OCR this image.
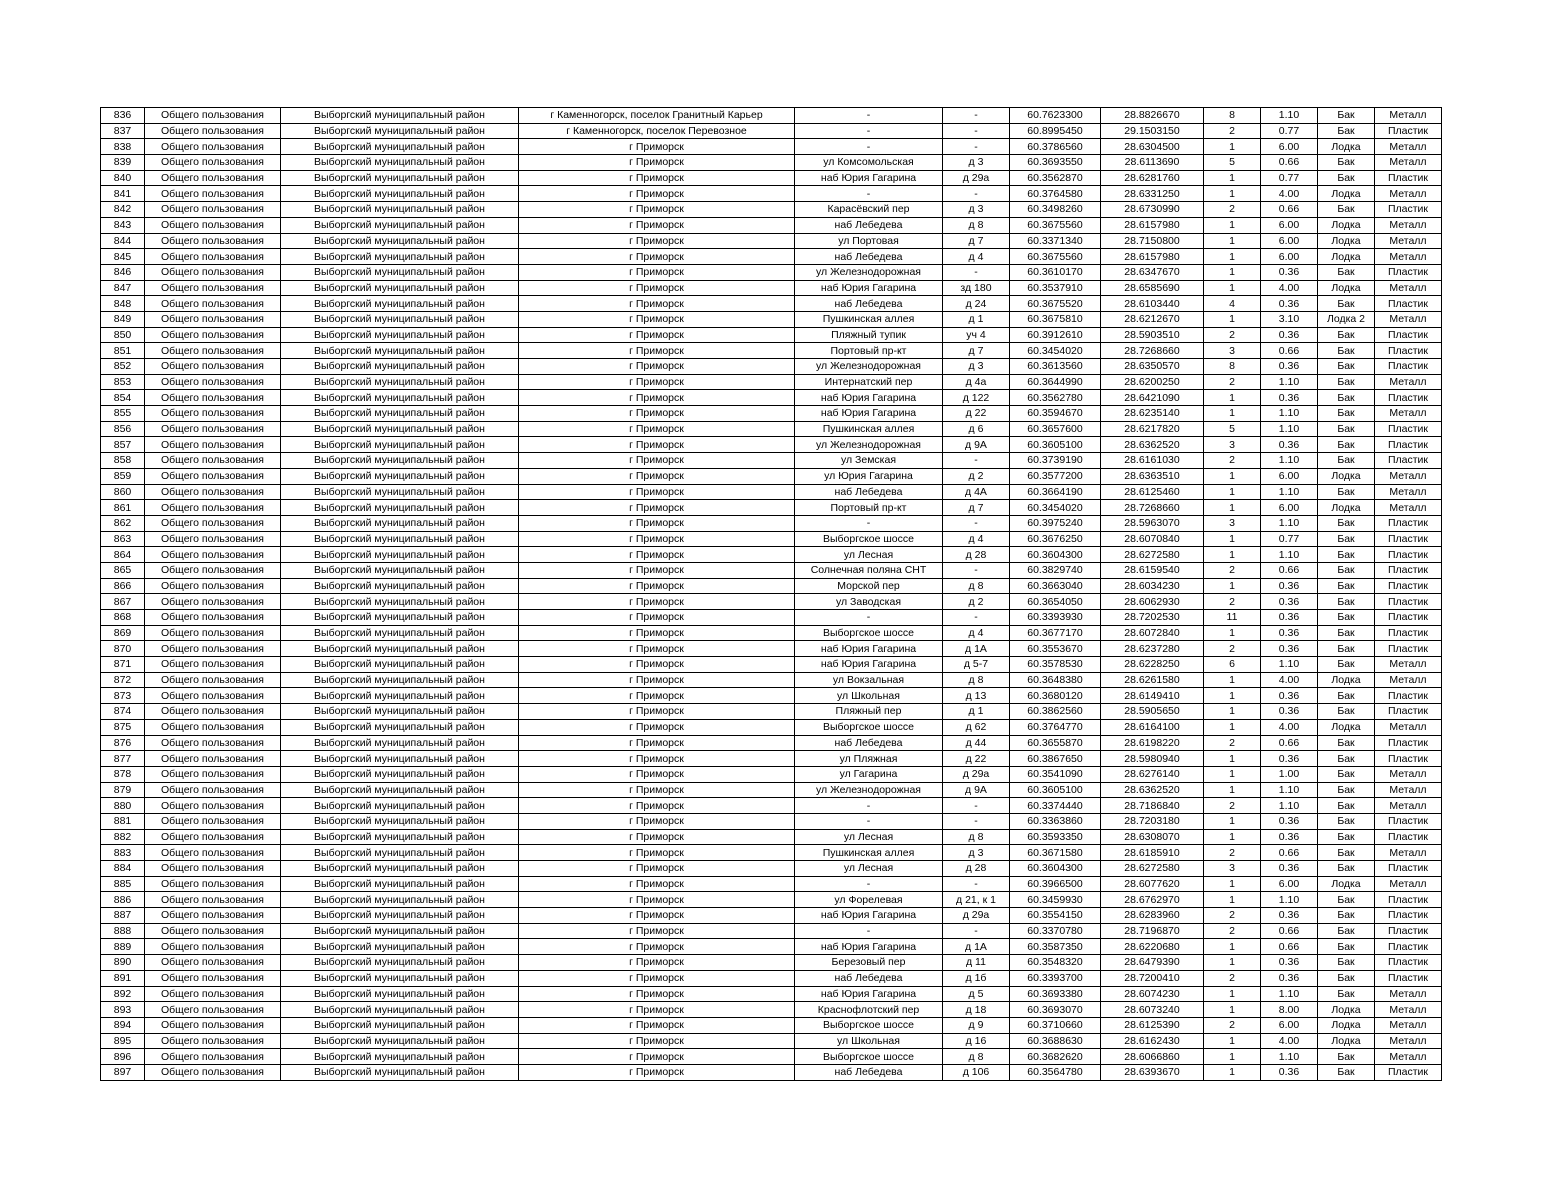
836	Общего пользования	Выборгский муниципальный район	г Каменногорск, поселок Гранитный Карьер	-	-	60.7623300	28.8826670	8	1.10	Бак	Металл
837	Общего пользования	Выборгский муниципальный район	г Каменногорск, поселок Перевозное	-	-	60.8995450	29.1503150	2	0.77	Бак	Пластик
838	Общего пользования	Выборгский муниципальный район	г Приморск	-	-	60.3786560	28.6304500	1	6.00	Лодка	Металл
839	Общего пользования	Выборгский муниципальный район	г Приморск	ул Комсомольская	д 3	60.3693550	28.6113690	5	0.66	Бак	Металл
840	Общего пользования	Выборгский муниципальный район	г Приморск	наб Юрия Гагарина	д 29а	60.3562870	28.6281760	1	0.77	Бак	Пластик
841	Общего пользования	Выборгский муниципальный район	г Приморск	-	-	60.3764580	28.6331250	1	4.00	Лодка	Металл
842	Общего пользования	Выборгский муниципальный район	г Приморск	Карасёвский пер	д 3	60.3498260	28.6730990	2	0.66	Бак	Пластик
843	Общего пользования	Выборгский муниципальный район	г Приморск	наб Лебедева	д 8	60.3675560	28.6157980	1	6.00	Лодка	Металл
844	Общего пользования	Выборгский муниципальный район	г Приморск	ул Портовая	д 7	60.3371340	28.7150800	1	6.00	Лодка	Металл
845	Общего пользования	Выборгский муниципальный район	г Приморск	наб Лебедева	д 4	60.3675560	28.6157980	1	6.00	Лодка	Металл
846	Общего пользования	Выборгский муниципальный район	г Приморск	ул Железнодорожная	-	60.3610170	28.6347670	1	0.36	Бак	Пластик
847	Общего пользования	Выборгский муниципальный район	г Приморск	наб Юрия Гагарина	зд 180	60.3537910	28.6585690	1	4.00	Лодка	Металл
848	Общего пользования	Выборгский муниципальный район	г Приморск	наб Лебедева	д 24	60.3675520	28.6103440	4	0.36	Бак	Пластик
849	Общего пользования	Выборгский муниципальный район	г Приморск	Пушкинская аллея	д 1	60.3675810	28.6212670	1	3.10	Лодка 2	Металл
850	Общего пользования	Выборгский муниципальный район	г Приморск	Пляжный тупик	уч 4	60.3912610	28.5903510	2	0.36	Бак	Пластик
851	Общего пользования	Выборгский муниципальный район	г Приморск	Портовый пр-кт	д 7	60.3454020	28.7268660	3	0.66	Бак	Пластик
852	Общего пользования	Выборгский муниципальный район	г Приморск	ул Железнодорожная	д 3	60.3613560	28.6350570	8	0.36	Бак	Пластик
853	Общего пользования	Выборгский муниципальный район	г Приморск	Интернатский пер	д 4а	60.3644990	28.6200250	2	1.10	Бак	Металл
854	Общего пользования	Выборгский муниципальный район	г Приморск	наб Юрия Гагарина	д 122	60.3562780	28.6421090	1	0.36	Бак	Пластик
855	Общего пользования	Выборгский муниципальный район	г Приморск	наб Юрия Гагарина	д 22	60.3594670	28.6235140	1	1.10	Бак	Металл
856	Общего пользования	Выборгский муниципальный район	г Приморск	Пушкинская аллея	д 6	60.3657600	28.6217820	5	1.10	Бак	Пластик
857	Общего пользования	Выборгский муниципальный район	г Приморск	ул Железнодорожная	д 9А	60.3605100	28.6362520	3	0.36	Бак	Пластик
858	Общего пользования	Выборгский муниципальный район	г Приморск	ул Земская	-	60.3739190	28.6161030	2	1.10	Бак	Пластик
859	Общего пользования	Выборгский муниципальный район	г Приморск	ул Юрия Гагарина	д 2	60.3577200	28.6363510	1	6.00	Лодка	Металл
860	Общего пользования	Выборгский муниципальный район	г Приморск	наб Лебедева	д 4А	60.3664190	28.6125460	1	1.10	Бак	Металл
861	Общего пользования	Выборгский муниципальный район	г Приморск	Портовый пр-кт	д 7	60.3454020	28.7268660	1	6.00	Лодка	Металл
862	Общего пользования	Выборгский муниципальный район	г Приморск	-	-	60.3975240	28.5963070	3	1.10	Бак	Пластик
863	Общего пользования	Выборгский муниципальный район	г Приморск	Выборгское шоссе	д 4	60.3676250	28.6070840	1	0.77	Бак	Пластик
864	Общего пользования	Выборгский муниципальный район	г Приморск	ул Лесная	д 28	60.3604300	28.6272580	1	1.10	Бак	Пластик
865	Общего пользования	Выборгский муниципальный район	г Приморск	Солнечная поляна СНТ	-	60.3829740	28.6159540	2	0.66	Бак	Пластик
866	Общего пользования	Выборгский муниципальный район	г Приморск	Морской пер	д 8	60.3663040	28.6034230	1	0.36	Бак	Пластик
867	Общего пользования	Выборгский муниципальный район	г Приморск	ул Заводская	д 2	60.3654050	28.6062930	2	0.36	Бак	Пластик
868	Общего пользования	Выборгский муниципальный район	г Приморск	-	-	60.3393930	28.7202530	11	0.36	Бак	Пластик
869	Общего пользования	Выборгский муниципальный район	г Приморск	Выборгское шоссе	д 4	60.3677170	28.6072840	1	0.36	Бак	Пластик
870	Общего пользования	Выборгский муниципальный район	г Приморск	наб Юрия Гагарина	д 1А	60.3553670	28.6237280	2	0.36	Бак	Пластик
871	Общего пользования	Выборгский муниципальный район	г Приморск	наб Юрия Гагарина	д 5-7	60.3578530	28.6228250	6	1.10	Бак	Металл
872	Общего пользования	Выборгский муниципальный район	г Приморск	ул Вокзальная	д 8	60.3648380	28.6261580	1	4.00	Лодка	Металл
873	Общего пользования	Выборгский муниципальный район	г Приморск	ул Школьная	д 13	60.3680120	28.6149410	1	0.36	Бак	Пластик
874	Общего пользования	Выборгский муниципальный район	г Приморск	Пляжный пер	д 1	60.3862560	28.5905650	1	0.36	Бак	Пластик
875	Общего пользования	Выборгский муниципальный район	г Приморск	Выборгское шоссе	д 62	60.3764770	28.6164100	1	4.00	Лодка	Металл
876	Общего пользования	Выборгский муниципальный район	г Приморск	наб Лебедева	д 44	60.3655870	28.6198220	2	0.66	Бак	Пластик
877	Общего пользования	Выборгский муниципальный район	г Приморск	ул Пляжная	д 22	60.3867650	28.5980940	1	0.36	Бак	Пластик
878	Общего пользования	Выборгский муниципальный район	г Приморск	ул Гагарина	д 29а	60.3541090	28.6276140	1	1.00	Бак	Металл
879	Общего пользования	Выборгский муниципальный район	г Приморск	ул Железнодорожная	д 9А	60.3605100	28.6362520	1	1.10	Бак	Металл
880	Общего пользования	Выборгский муниципальный район	г Приморск	-	-	60.3374440	28.7186840	2	1.10	Бак	Металл
881	Общего пользования	Выборгский муниципальный район	г Приморск	-	-	60.3363860	28.7203180	1	0.36	Бак	Пластик
882	Общего пользования	Выборгский муниципальный район	г Приморск	ул Лесная	д 8	60.3593350	28.6308070	1	0.36	Бак	Пластик
883	Общего пользования	Выборгский муниципальный район	г Приморск	Пушкинская аллея	д 3	60.3671580	28.6185910	2	0.66	Бак	Металл
884	Общего пользования	Выборгский муниципальный район	г Приморск	ул Лесная	д 28	60.3604300	28.6272580	3	0.36	Бак	Пластик
885	Общего пользования	Выборгский муниципальный район	г Приморск	-	-	60.3966500	28.6077620	1	6.00	Лодка	Металл
886	Общего пользования	Выборгский муниципальный район	г Приморск	ул Форелевая	д 21, к 1	60.3459930	28.6762970	1	1.10	Бак	Пластик
887	Общего пользования	Выборгский муниципальный район	г Приморск	наб Юрия Гагарина	д 29а	60.3554150	28.6283960	2	0.36	Бак	Пластик
888	Общего пользования	Выборгский муниципальный район	г Приморск	-	-	60.3370780	28.7196870	2	0.66	Бак	Пластик
889	Общего пользования	Выборгский муниципальный район	г Приморск	наб Юрия Гагарина	д 1А	60.3587350	28.6220680	1	0.66	Бак	Пластик
890	Общего пользования	Выборгский муниципальный район	г Приморск	Березовый пер	д 11	60.3548320	28.6479390	1	0.36	Бак	Пластик
891	Общего пользования	Выборгский муниципальный район	г Приморск	наб Лебедева	д 1б	60.3393700	28.7200410	2	0.36	Бак	Пластик
892	Общего пользования	Выборгский муниципальный район	г Приморск	наб Юрия Гагарина	д 5	60.3693380	28.6074230	1	1.10	Бак	Металл
893	Общего пользования	Выборгский муниципальный район	г Приморск	Краснофлотский пер	д 18	60.3693070	28.6073240	1	8.00	Лодка	Металл
894	Общего пользования	Выборгский муниципальный район	г Приморск	Выборгское шоссе	д 9	60.3710660	28.6125390	2	6.00	Лодка	Металл
895	Общего пользования	Выборгский муниципальный район	г Приморск	ул Школьная	д 16	60.3688630	28.6162430	1	4.00	Лодка	Металл
896	Общего пользования	Выборгский муниципальный район	г Приморск	Выборгское шоссе	д 8	60.3682620	28.6066860	1	1.10	Бак	Металл
897	Общего пользования	Выборгский муниципальный район	г Приморск	наб Лебедева	д 106	60.3564780	28.6393670	1	0.36	Бак	Пластик
